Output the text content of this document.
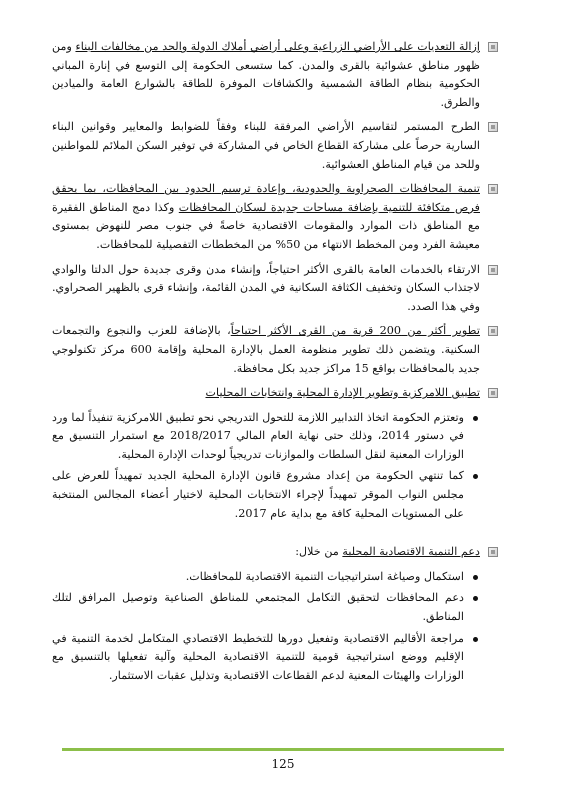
إزالة التعديات على الأراضي الزراعية وعلى أراضي أملاك الدولة والحد من مخالفات البناء ومن ظهور مناطق عشوائية بالقرى والمدن. كما ستسعى الحكومة إلى التوسع في إنارة المباني الحكومية بنظام الطاقة الشمسية والكشافات الموفرة للطاقة بالشوارع العامة والميادين والطرق.
الطرح المستمر لتقاسيم الأراضي المرفقة للبناء وفقاً للضوابط والمعايير وقوانين البناء السارية حرصاً على مشاركة القطاع الخاص في المشاركة في توفير السكن الملائم للمواطنين وللحد من قيام المناطق العشوائية.
تنمية المحافظات الصحراوية والحدودية، وإعادة ترسيم الحدود بين المحافظات، بما يحقق فرص متكافئة للتنمية بإضافة مساحات جديدة لسكان المحافظات وكذا دمج المناطق الفقيرة مع المناطق ذات الموارد والمقومات الاقتصادية خاصةً في جنوب مصر للنهوض بمستوى معيشة الفرد ومن المخطط الانتهاء من 50% من المخططات التفصيلية للمحافظات.
الارتقاء بالخدمات العامة بالقرى الأكثر احتياجاً، وإنشاء مدن وقرى جديدة حول الدلتا والوادي لاجتذاب السكان وتخفيف الكثافة السكانية في المدن القائمة، وإنشاء قرى بالظهير الصحراوي. وفي هذا الصدد.
تطوير أكثر من 200 قرية من القرى الأكثر احتياجاً، بالإضافة للعزب والنجوع والتجمعات السكنية. ويتضمن ذلك تطوير منظومة العمل بالإدارة المحلية وإقامة 600 مركز تكنولوجي جديد بالمحافظات بواقع 15 مراكز جديد بكل محافظة.
تطبيق اللامركزية وتطوير الإدارة المحلية وانتخابات المحليات
وتعتزم الحكومة اتخاذ التدابير اللازمة للتحول التدريجي نحو تطبيق اللامركزية تنفيذاً لما ورد في دستور 2014، وذلك حتى نهاية العام المالي 2018/2017 مع استمرار التنسيق مع الوزارات المعنية لنقل السلطات والموازنات تدريجياً لوحدات الإدارة المحلية.
كما تنتهي الحكومة من إعداد مشروع قانون الإدارة المحلية الجديد تمهيداً للعرض على مجلس النواب الموقر تمهيداً لإجراء الانتخابات المحلية لاختيار أعضاء المجالس المنتخبة على المستويات المحلية كافة مع بداية عام 2017.
دعم التنمية الاقتصادية المحلية من خلال:
استكمال وصياغة استراتيجيات التنمية الاقتصادية للمحافظات.
دعم المحافظات لتحقيق التكامل المجتمعي للمناطق الصناعية وتوصيل المرافق لتلك المناطق.
مراجعة الأقاليم الاقتصادية وتفعيل دورها للتخطيط الاقتصادي المتكامل لخدمة التنمية في الإقليم ووضع استراتيجية قومية للتنمية الاقتصادية المحلية وآلية تفعيلها بالتنسيق مع الوزارات والهيئات المعنية لدعم القطاعات الاقتصادية وتذليل عقبات الاستثمار.
125
